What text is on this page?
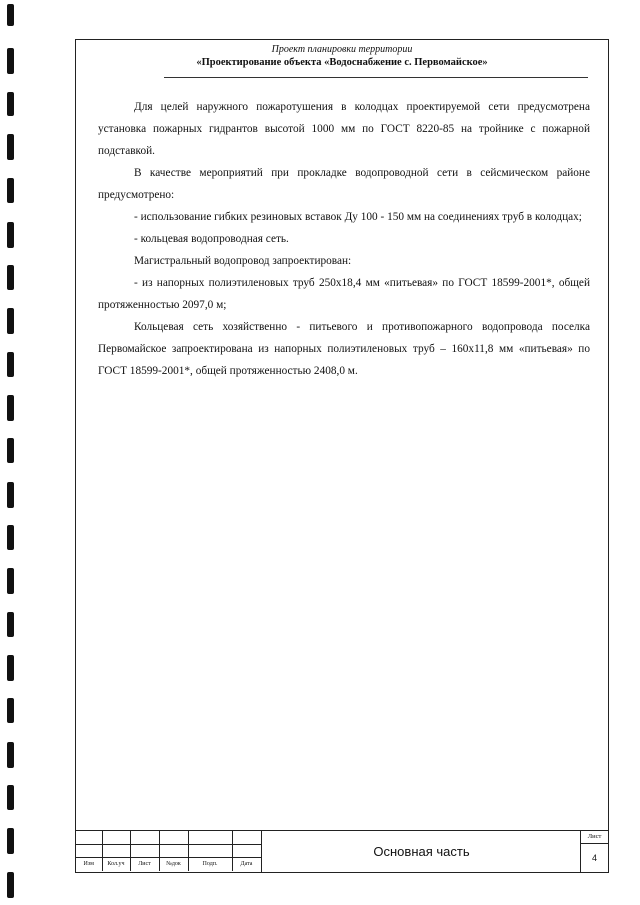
Проект планировки территории
«Проектирование объекта «Водоснабжение с. Первомайское»

Для целей наружного пожаротушения в колодцах проектируемой сети предусмотрена установка пожарных гидрантов высотой 1000 мм по ГОСТ 8220-85 на тройнике с пожарной подставкой.

В качестве мероприятий при прокладке водопроводной сети в сейсмическом районе предусмотрено:

- использование гибких резиновых вставок Ду 100 - 150 мм на соединениях труб в колодцах;

- кольцевая водопроводная сеть.

Магистральный водопровод запроектирован:

- из напорных полиэтиленовых труб 250х18,4 мм «питьевая» по ГОСТ 18599-2001*, общей протяженностью 2097,0 м;

Кольцевая сеть хозяйственно - питьевого и противопожарного водопровода поселка Первомайское запроектирована из напорных полиэтиленовых труб – 160х11,8 мм «питьевая» по ГОСТ 18599-2001*, общей протяженностью 2408,0 м.

Изм	Кол.уч	Лист	№док	Подп.	Дата
Основная часть
Лист
4
